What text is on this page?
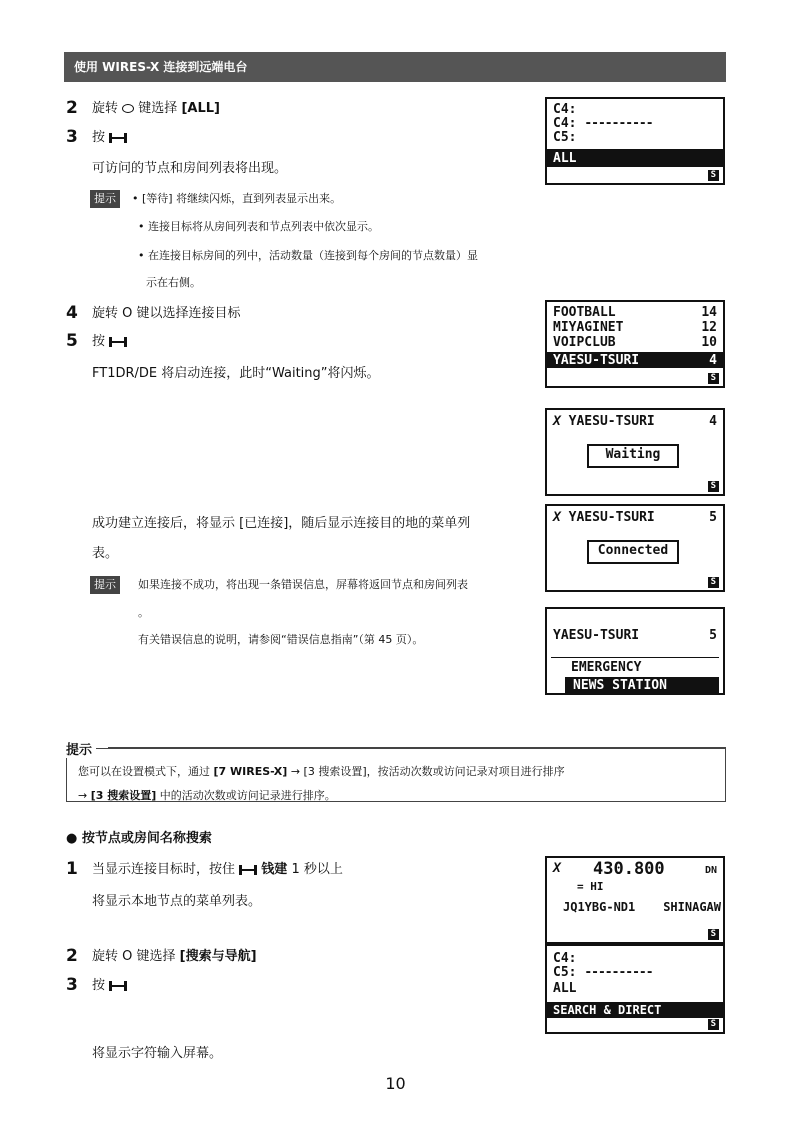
使用 WIRES-X 连接到远端电台
2 旋转 键选择 [ALL]
3 按
可访问的节点和房间列表将出现。
提示	• [等待] 将继续闪烁，直到列表显示出来。
• 连接目标将从房间列表和节点列表中依次显示。
• 在连接目标房间的列中，活动数量（连接到每个房间的节点数量）显
示在右侧。
4 旋转 O 键以选择连接目标
5 按
FT1DR/DE 将启动连接，此时“Waiting”将闪烁。
成功建立连接后，将显示 [已连接]，随后显示连接目的地的菜单列
表。
提示	如果连接不成功，将出现一条错误信息，屏幕将返回节点和房间列表
。
有关错误信息的说明，请参阅“错误信息指南”（第 45 页）。
提示
您可以在设置模式下，通过 [7 WIRES-X] → [3 搜索设置]，按活动次数或访问记录对项目进行排序
→ [3 搜索设置] 中的活动次数或访问记录进行排序。
● 按节点或房间名称搜索
1 当显示连接目标时，按住 钱建 1 秒以上
将显示本地节点的菜单列表。
2 旋转 O 键选择 [搜索与导航]
3 按
将显示字符输入屏幕。
C4:
C4: ----------
C5:
ALL
S
FOOTBALL	14
MIYAGINET	12
VOIPCLUB	10
YAESU-TSURI	4
S
X YAESU-TSURI	4
Waiting
S
X YAESU-TSURI	5
Connected
S
YAESU-TSURI	5
EMERGENCY
NEWS STATION
X 430.800	DN
= HI
JQ1YBG-ND1 SHINAGAW
S
C4:
C5: ----------
ALL
SEARCH & DIRECT
S
10
